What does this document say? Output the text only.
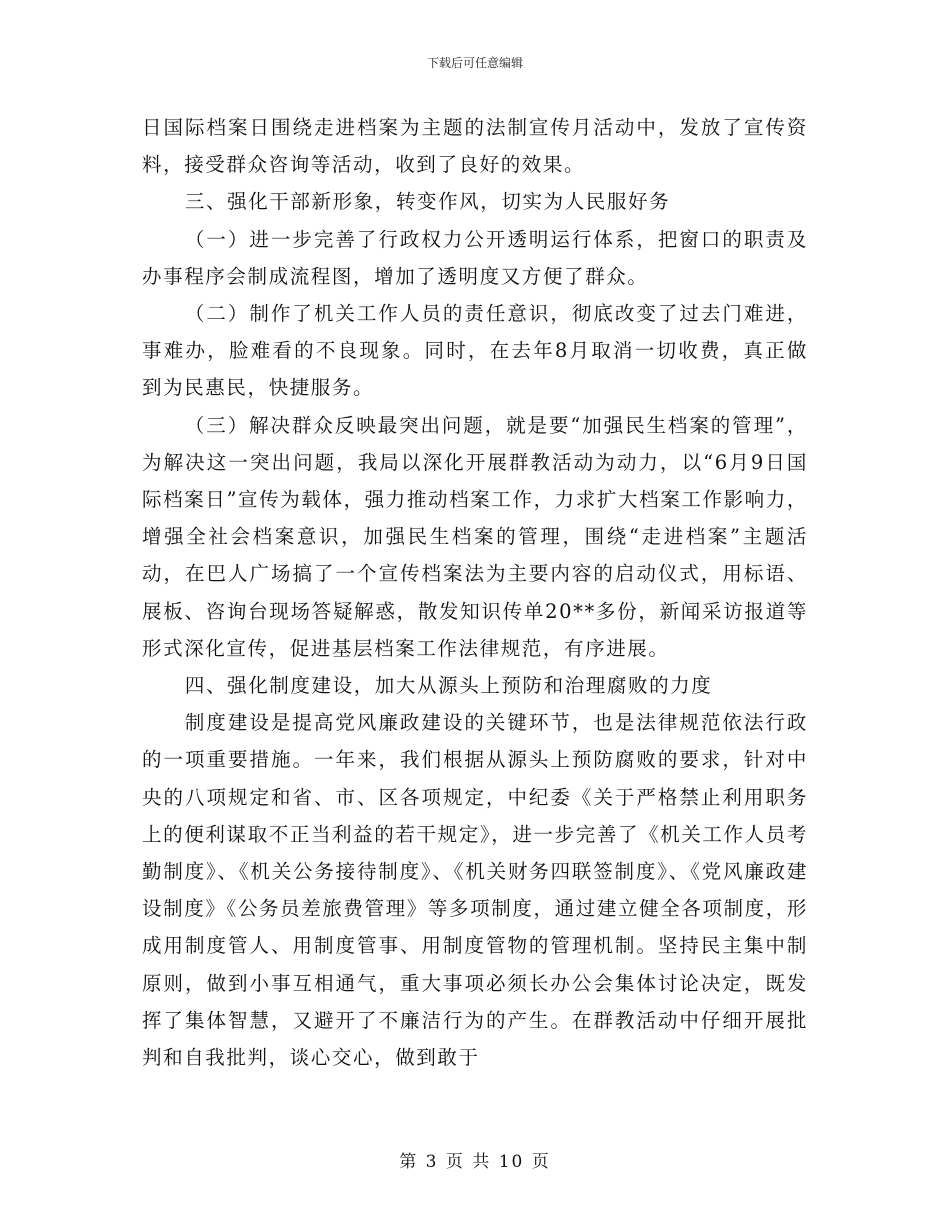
下载后可任意编辑

日国际档案日围绕走进档案为主题的法制宣传月活动中，发放了宣传资料，接受群众咨询等活动，收到了良好的效果。

三、强化干部新形象，转变作风，切实为人民服好务

（一）进一步完善了行政权力公开透明运行体系，把窗口的职责及办事程序会制成流程图，增加了透明度又方便了群众。

（二）制作了机关工作人员的责任意识，彻底改变了过去门难进，事难办，脸难看的不良现象。同时，在去年8月取消一切收费，真正做到为民惠民，快捷服务。

（三）解决群众反映最突出问题，就是要“加强民生档案的管理”，为解决这一突出问题，我局以深化开展群教活动为动力，以“6月9日国际档案日”宣传为载体，强力推动档案工作，力求扩大档案工作影响力，增强全社会档案意识，加强民生档案的管理，围绕“走进档案”主题活动，在巴人广场搞了一个宣传档案法为主要内容的启动仪式，用标语、展板、咨询台现场答疑解惑，散发知识传单20**多份，新闻采访报道等形式深化宣传，促进基层档案工作法律规范，有序进展。

四、强化制度建设，加大从源头上预防和治理腐败的力度

制度建设是提高党风廉政建设的关键环节，也是法律规范依法行政的一项重要措施。一年来，我们根据从源头上预防腐败的要求，针对中央的八项规定和省、市、区各项规定，中纪委《关于严格禁止利用职务上的便利谋取不正当利益的若干规定》，进一步完善了《机关工作人员考勤制度》、《机关公务接待制度》、《机关财务四联签制度》、《党风廉政建设制度》《公务员差旅费管理》等多项制度，通过建立健全各项制度，形成用制度管人、用制度管事、用制度管物的管理机制。坚持民主集中制原则，做到小事互相通气，重大事项必须长办公会集体讨论决定，既发挥了集体智慧，又避开了不廉洁行为的产生。在群教活动中仔细开展批判和自我批判，谈心交心，做到敢于

第 3 页 共 10 页
